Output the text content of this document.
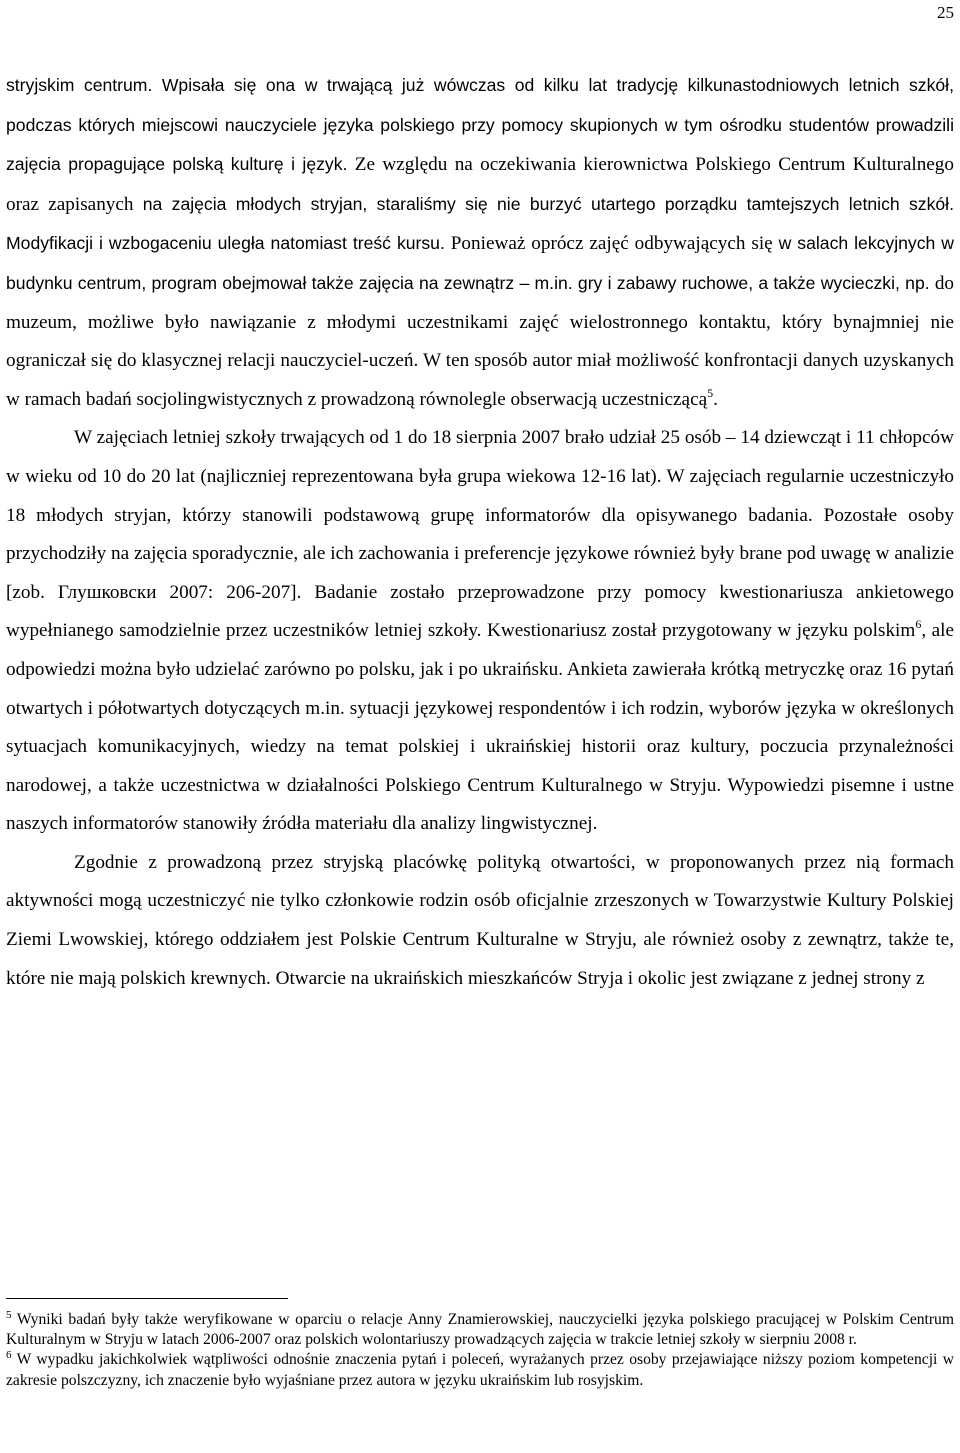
25

stryjskim centrum. Wpisała się ona w trwającą już wówczas od kilku lat tradycję kilkunastodniowych letnich szkół, podczas których miejscowi nauczyciele języka polskiego przy pomocy skupionych w tym ośrodku studentów prowadzili zajęcia propagujące polską kulturę i język. Ze względu na oczekiwania kierownictwa Polskiego Centrum Kulturalnego oraz zapisanych na zajęcia młodych stryjan, staraliśmy się nie burzyć utartego porządku tamtejszych letnich szkół. Modyfikacji i wzbogaceniu uległa natomiast treść kursu. Ponieważ oprócz zajęć odbywających się w salach lekcyjnych w budynku centrum, program obejmował także zajęcia na zewnątrz – m.in. gry i zabawy ruchowe, a także wycieczki, np. do muzeum, możliwe było nawiązanie z młodymi uczestnikami zajęć wielostronnego kontaktu, który bynajmniej nie ograniczał się do klasycznej relacji nauczyciel-uczeń. W ten sposób autor miał możliwość konfrontacji danych uzyskanych w ramach badań socjolingwistycznych z prowadzoną równolegle obserwacją uczestniczącą$^5$.

W zajęciach letniej szkoły trwających od 1 do 18 sierpnia 2007 brało udział 25 osób – 14 dziewcząt i 11 chłopców w wieku od 10 do 20 lat (najliczniej reprezentowana była grupa wiekowa 12-16 lat). W zajęciach regularnie uczestniczyło 18 młodych stryjan, którzy stanowili podstawową grupę informatorów dla opisywanego badania. Pozostałe osoby przychodziły na zajęcia sporadycznie, ale ich zachowania i preferencje językowe również były brane pod uwagę w analizie [zob. Глушковски 2007: 206-207]. Badanie zostało przeprowadzone przy pomocy kwestionariusza ankietowego wypełnianego samodzielnie przez uczestników letniej szkoły. Kwestionariusz został przygotowany w języku polskim$^6$, ale odpowiedzi można było udzielać zarówno po polsku, jak i po ukraińsku. Ankieta zawierała krótką metryczkę oraz 16 pytań otwartych i półotwartych dotyczących m.in. sytuacji językowej respondentów i ich rodzin, wyborów języka w określonych sytuacjach komunikacyjnych, wiedzy na temat polskiej i ukraińskiej historii oraz kultury, poczucia przynależności narodowej, a także uczestnictwa w działalności Polskiego Centrum Kulturalnego w Stryju. Wypowiedzi pisemne i ustne naszych informatorów stanowiły źródła materiału dla analizy lingwistycznej.

Zgodnie z prowadzoną przez stryjską placówkę polityką otwartości, w proponowanych przez nią formach aktywności mogą uczestniczyć nie tylko członkowie rodzin osób oficjalnie zrzeszonych w Towarzystwie Kultury Polskiej Ziemi Lwowskiej, którego oddziałem jest Polskie Centrum Kulturalne w Stryju, ale również osoby z zewnątrz, także te, które nie mają polskich krewnych. Otwarcie na ukraińskich mieszkańców Stryja i okolic jest związane z jednej strony z

$^5$ Wyniki badań były także weryfikowane w oparciu o relacje Anny Znamierowskiej, nauczycielki języka polskiego pracującej w Polskim Centrum Kulturalnym w Stryju w latach 2006-2007 oraz polskich wolontariuszy prowadzących zajęcia w trakcie letniej szkoły w sierpniu 2008 r.

$^6$ W wypadku jakichkolwiek wątpliwości odnośnie znaczenia pytań i poleceń, wyrażanych przez osoby przejawiające niższy poziom kompetencji w zakresie polszczyzny, ich znaczenie było wyjaśniane przez autora w języku ukraińskim lub rosyjskim.
